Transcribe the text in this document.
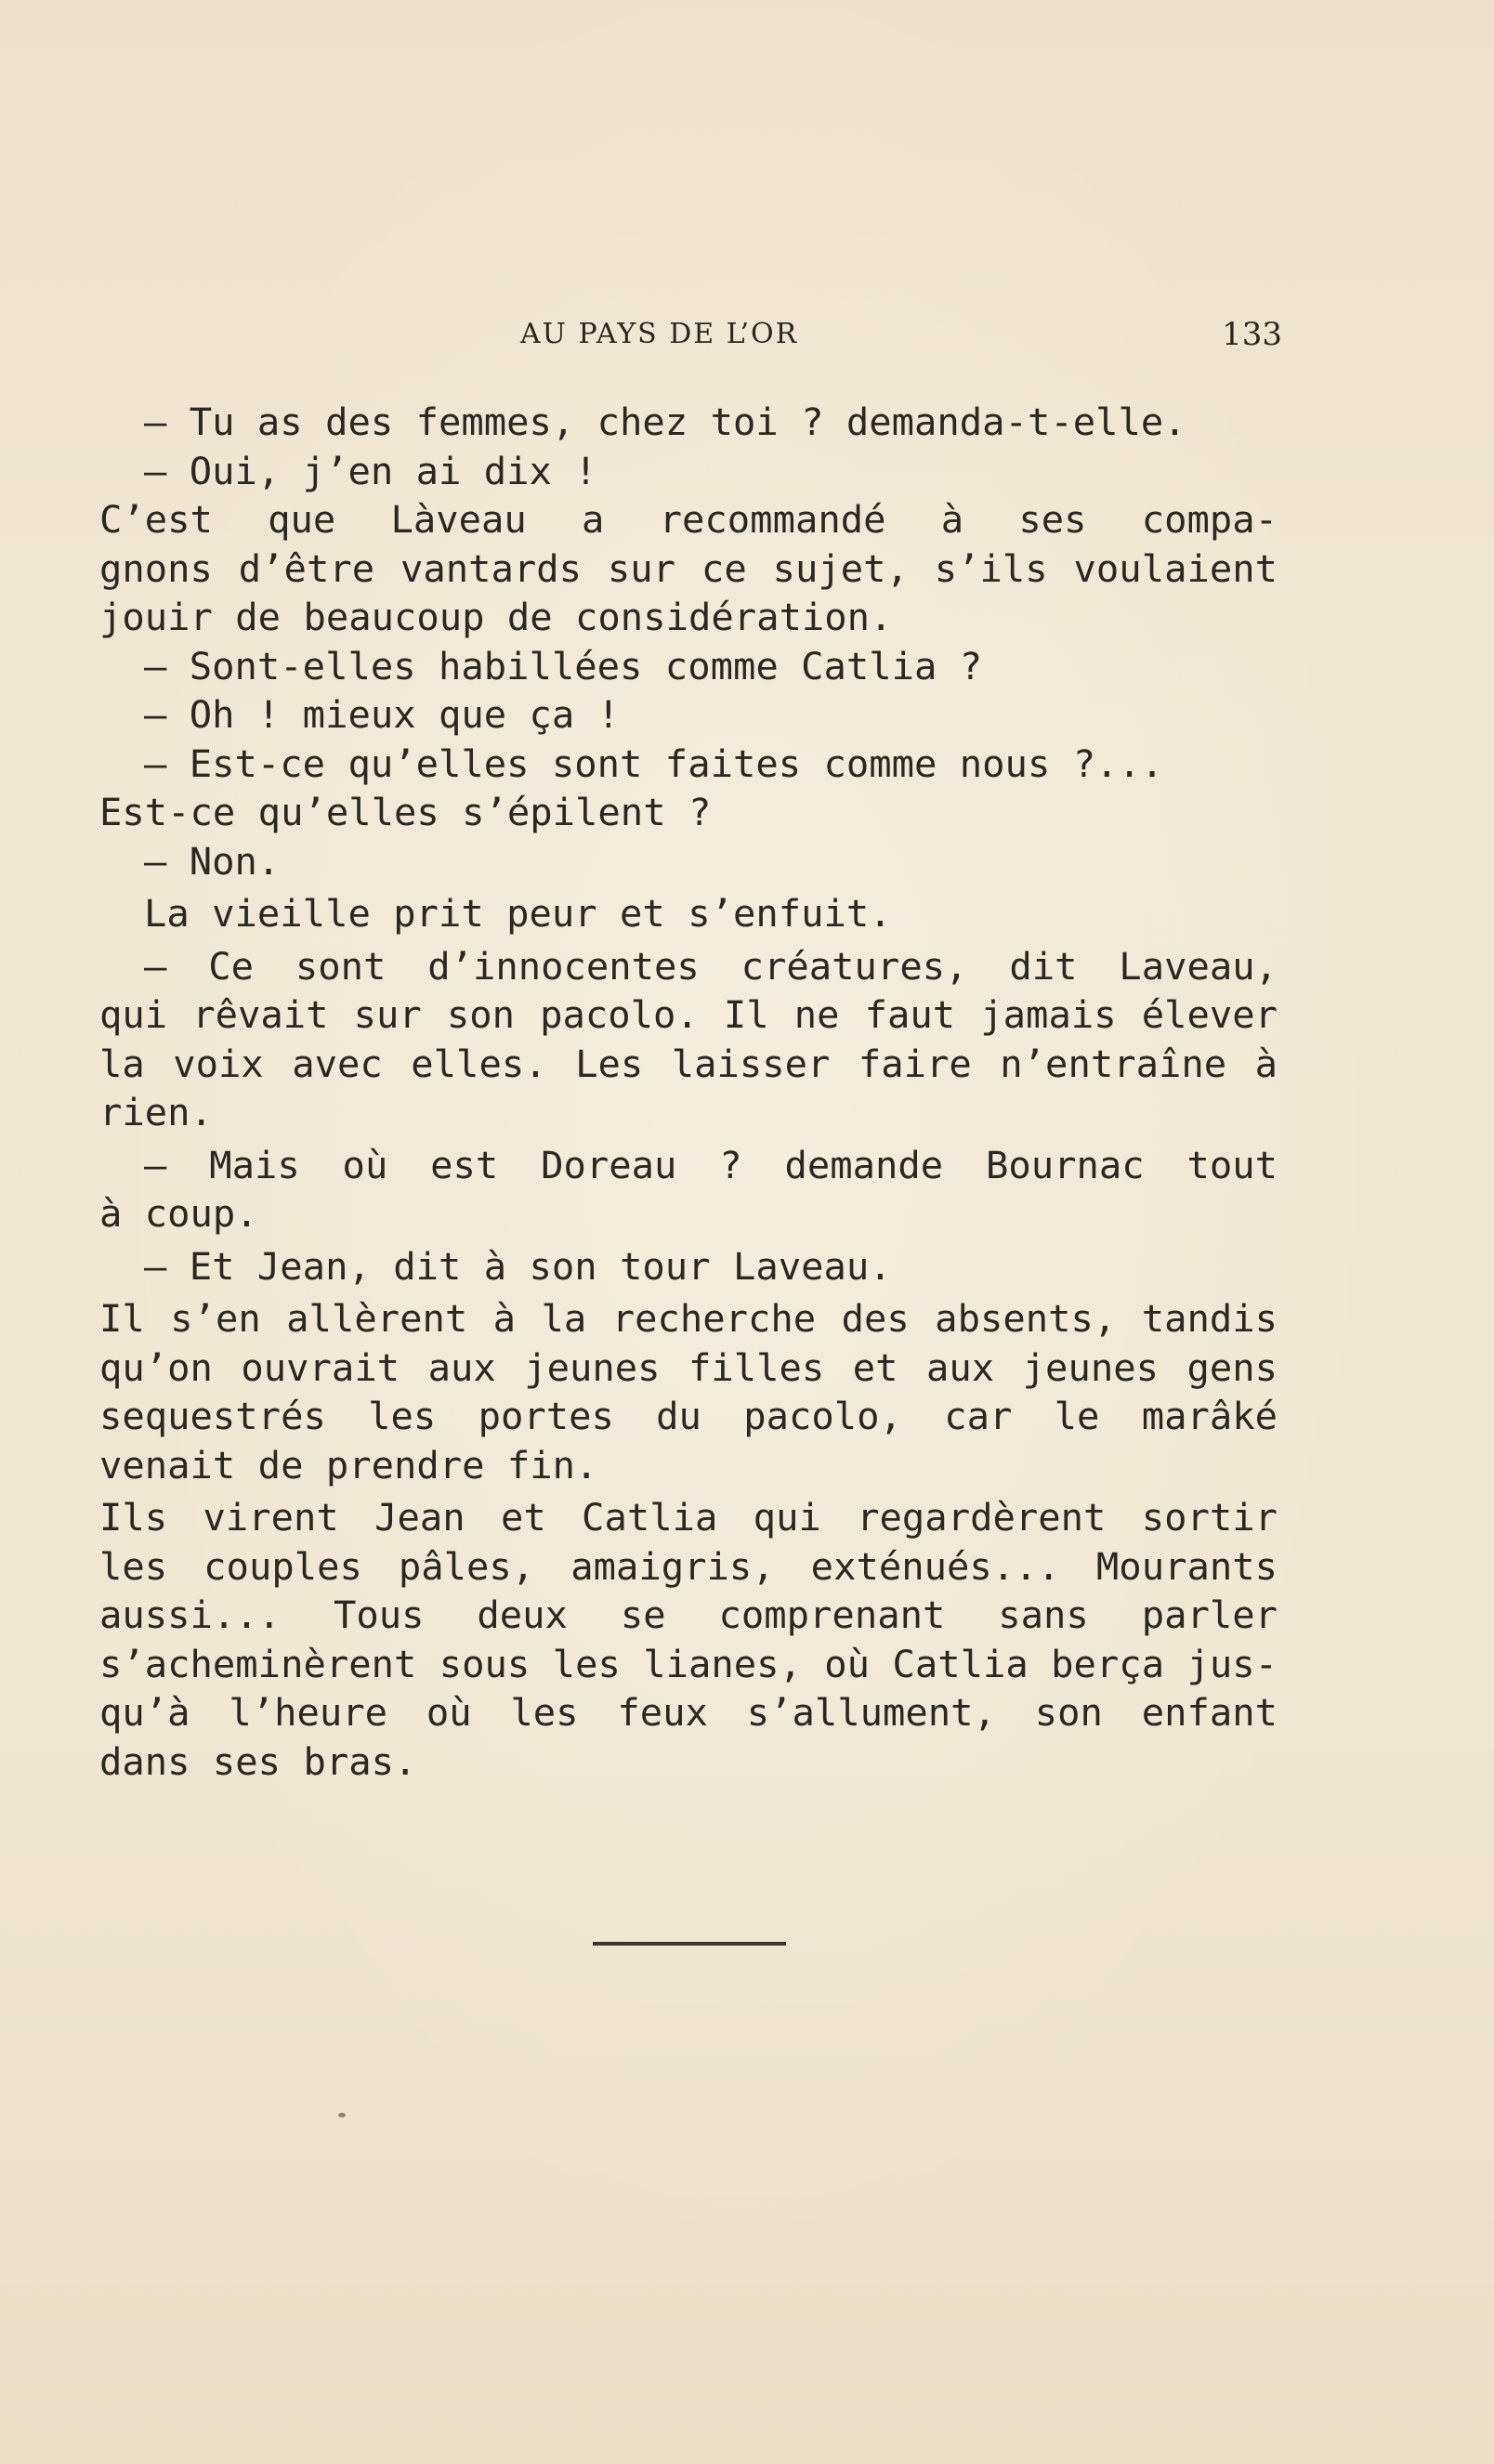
AU PAYS DE L’OR	133
— Tu as des femmes, chez toi ? demanda-t-elle.
— Oui, j’en ai dix !
C’est que Làveau a recommandé à ses compa-
gnons d’être vantards sur ce sujet, s’ils voulaient
jouir de beaucoup de considération.
— Sont-elles habillées comme Catlia ?
— Oh ! mieux que ça !
— Est-ce qu’elles sont faites comme nous ?...
Est-ce qu’elles s’épilent ?
— Non.
La vieille prit peur et s’enfuit.
— Ce sont d’innocentes créatures, dit Laveau,
qui rêvait sur son pacolo. Il ne faut jamais élever
la voix avec elles. Les laisser faire n’entraîne à
rien.
— Mais où est Doreau ? demande Bournac tout
à coup.
— Et Jean, dit à son tour Laveau.
Il s’en allèrent à la recherche des absents, tandis
qu’on ouvrait aux jeunes filles et aux jeunes gens
sequestrés les portes du pacolo, car le marâké
venait de prendre fin.
Ils virent Jean et Catlia qui regardèrent sortir
les couples pâles, amaigris, exténués... Mourants
aussi... Tous deux se comprenant sans parler
s’acheminèrent sous les lianes, où Catlia berça jus-
qu’à l’heure où les feux s’allument, son enfant
dans ses bras.
